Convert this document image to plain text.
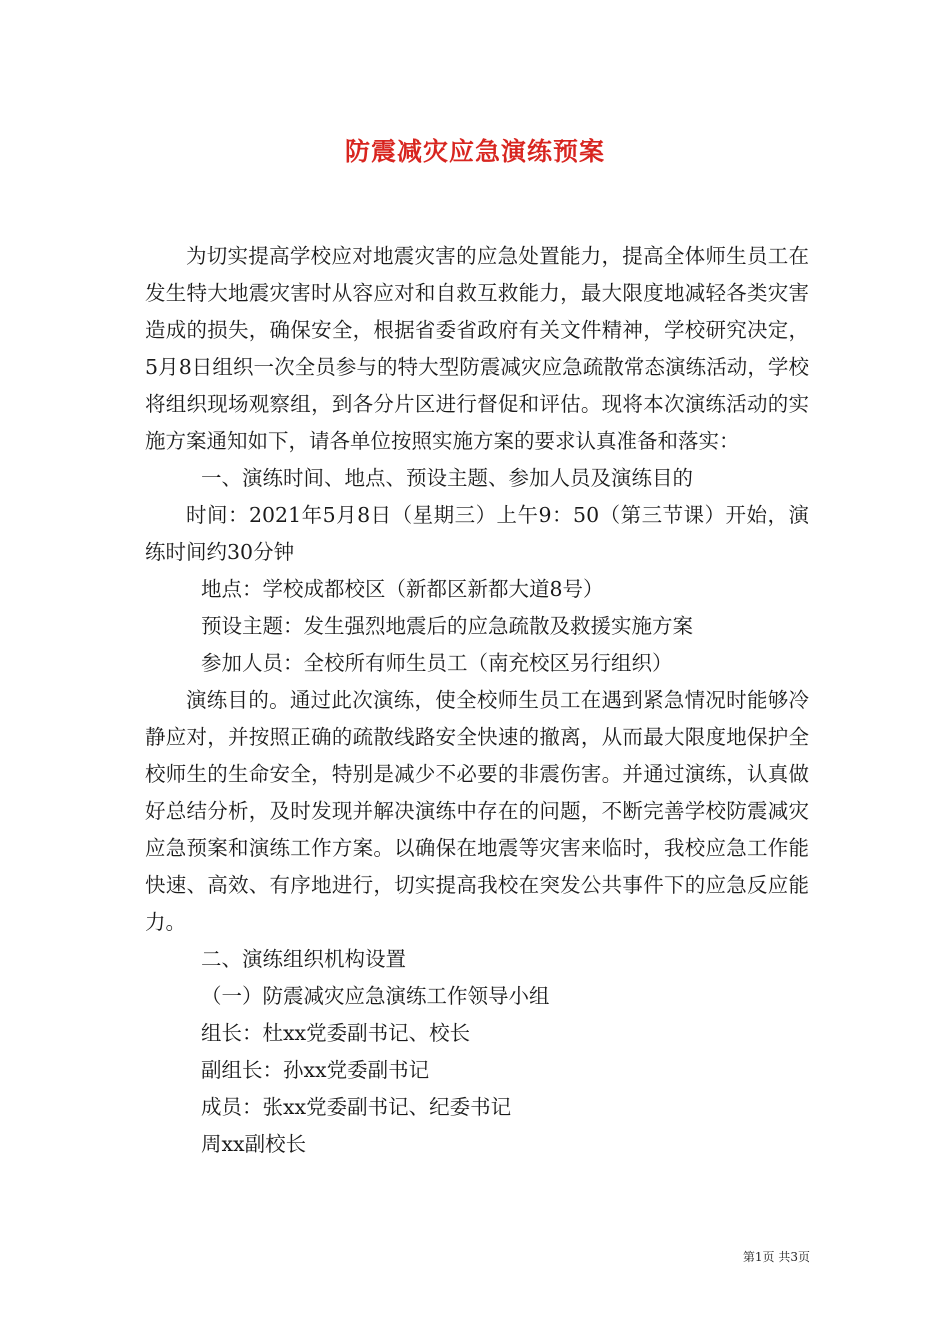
防震减灾应急演练预案

为切实提高学校应对地震灾害的应急处置能力，提高全体师生员工在发生特大地震灾害时从容应对和自救互救能力，最大限度地减轻各类灾害造成的损失，确保安全，根据省委省政府有关文件精神，学校研究决定，5月8日组织一次全员参与的特大型防震减灾应急疏散常态演练活动，学校将组织现场观察组，到各分片区进行督促和评估。现将本次演练活动的实施方案通知如下，请各单位按照实施方案的要求认真准备和落实：

一、演练时间、地点、预设主题、参加人员及演练目的

时间：2021年5月8日（星期三）上午9：50（第三节课）开始，演练时间约30分钟

地点：学校成都校区（新都区新都大道8号）

预设主题：发生强烈地震后的应急疏散及救援实施方案

参加人员：全校所有师生员工（南充校区另行组织）

演练目的。通过此次演练，使全校师生员工在遇到紧急情况时能够冷静应对，并按照正确的疏散线路安全快速的撤离，从而最大限度地保护全校师生的生命安全，特别是减少不必要的非震伤害。并通过演练，认真做好总结分析，及时发现并解决演练中存在的问题，不断完善学校防震减灾应急预案和演练工作方案。以确保在地震等灾害来临时，我校应急工作能快速、高效、有序地进行，切实提高我校在突发公共事件下的应急反应能力。

二、演练组织机构设置

（一）防震减灾应急演练工作领导小组

组长：杜xx党委副书记、校长

副组长：孙xx党委副书记

成员：张xx党委副书记、纪委书记

周xx副校长

第1页 共3页
